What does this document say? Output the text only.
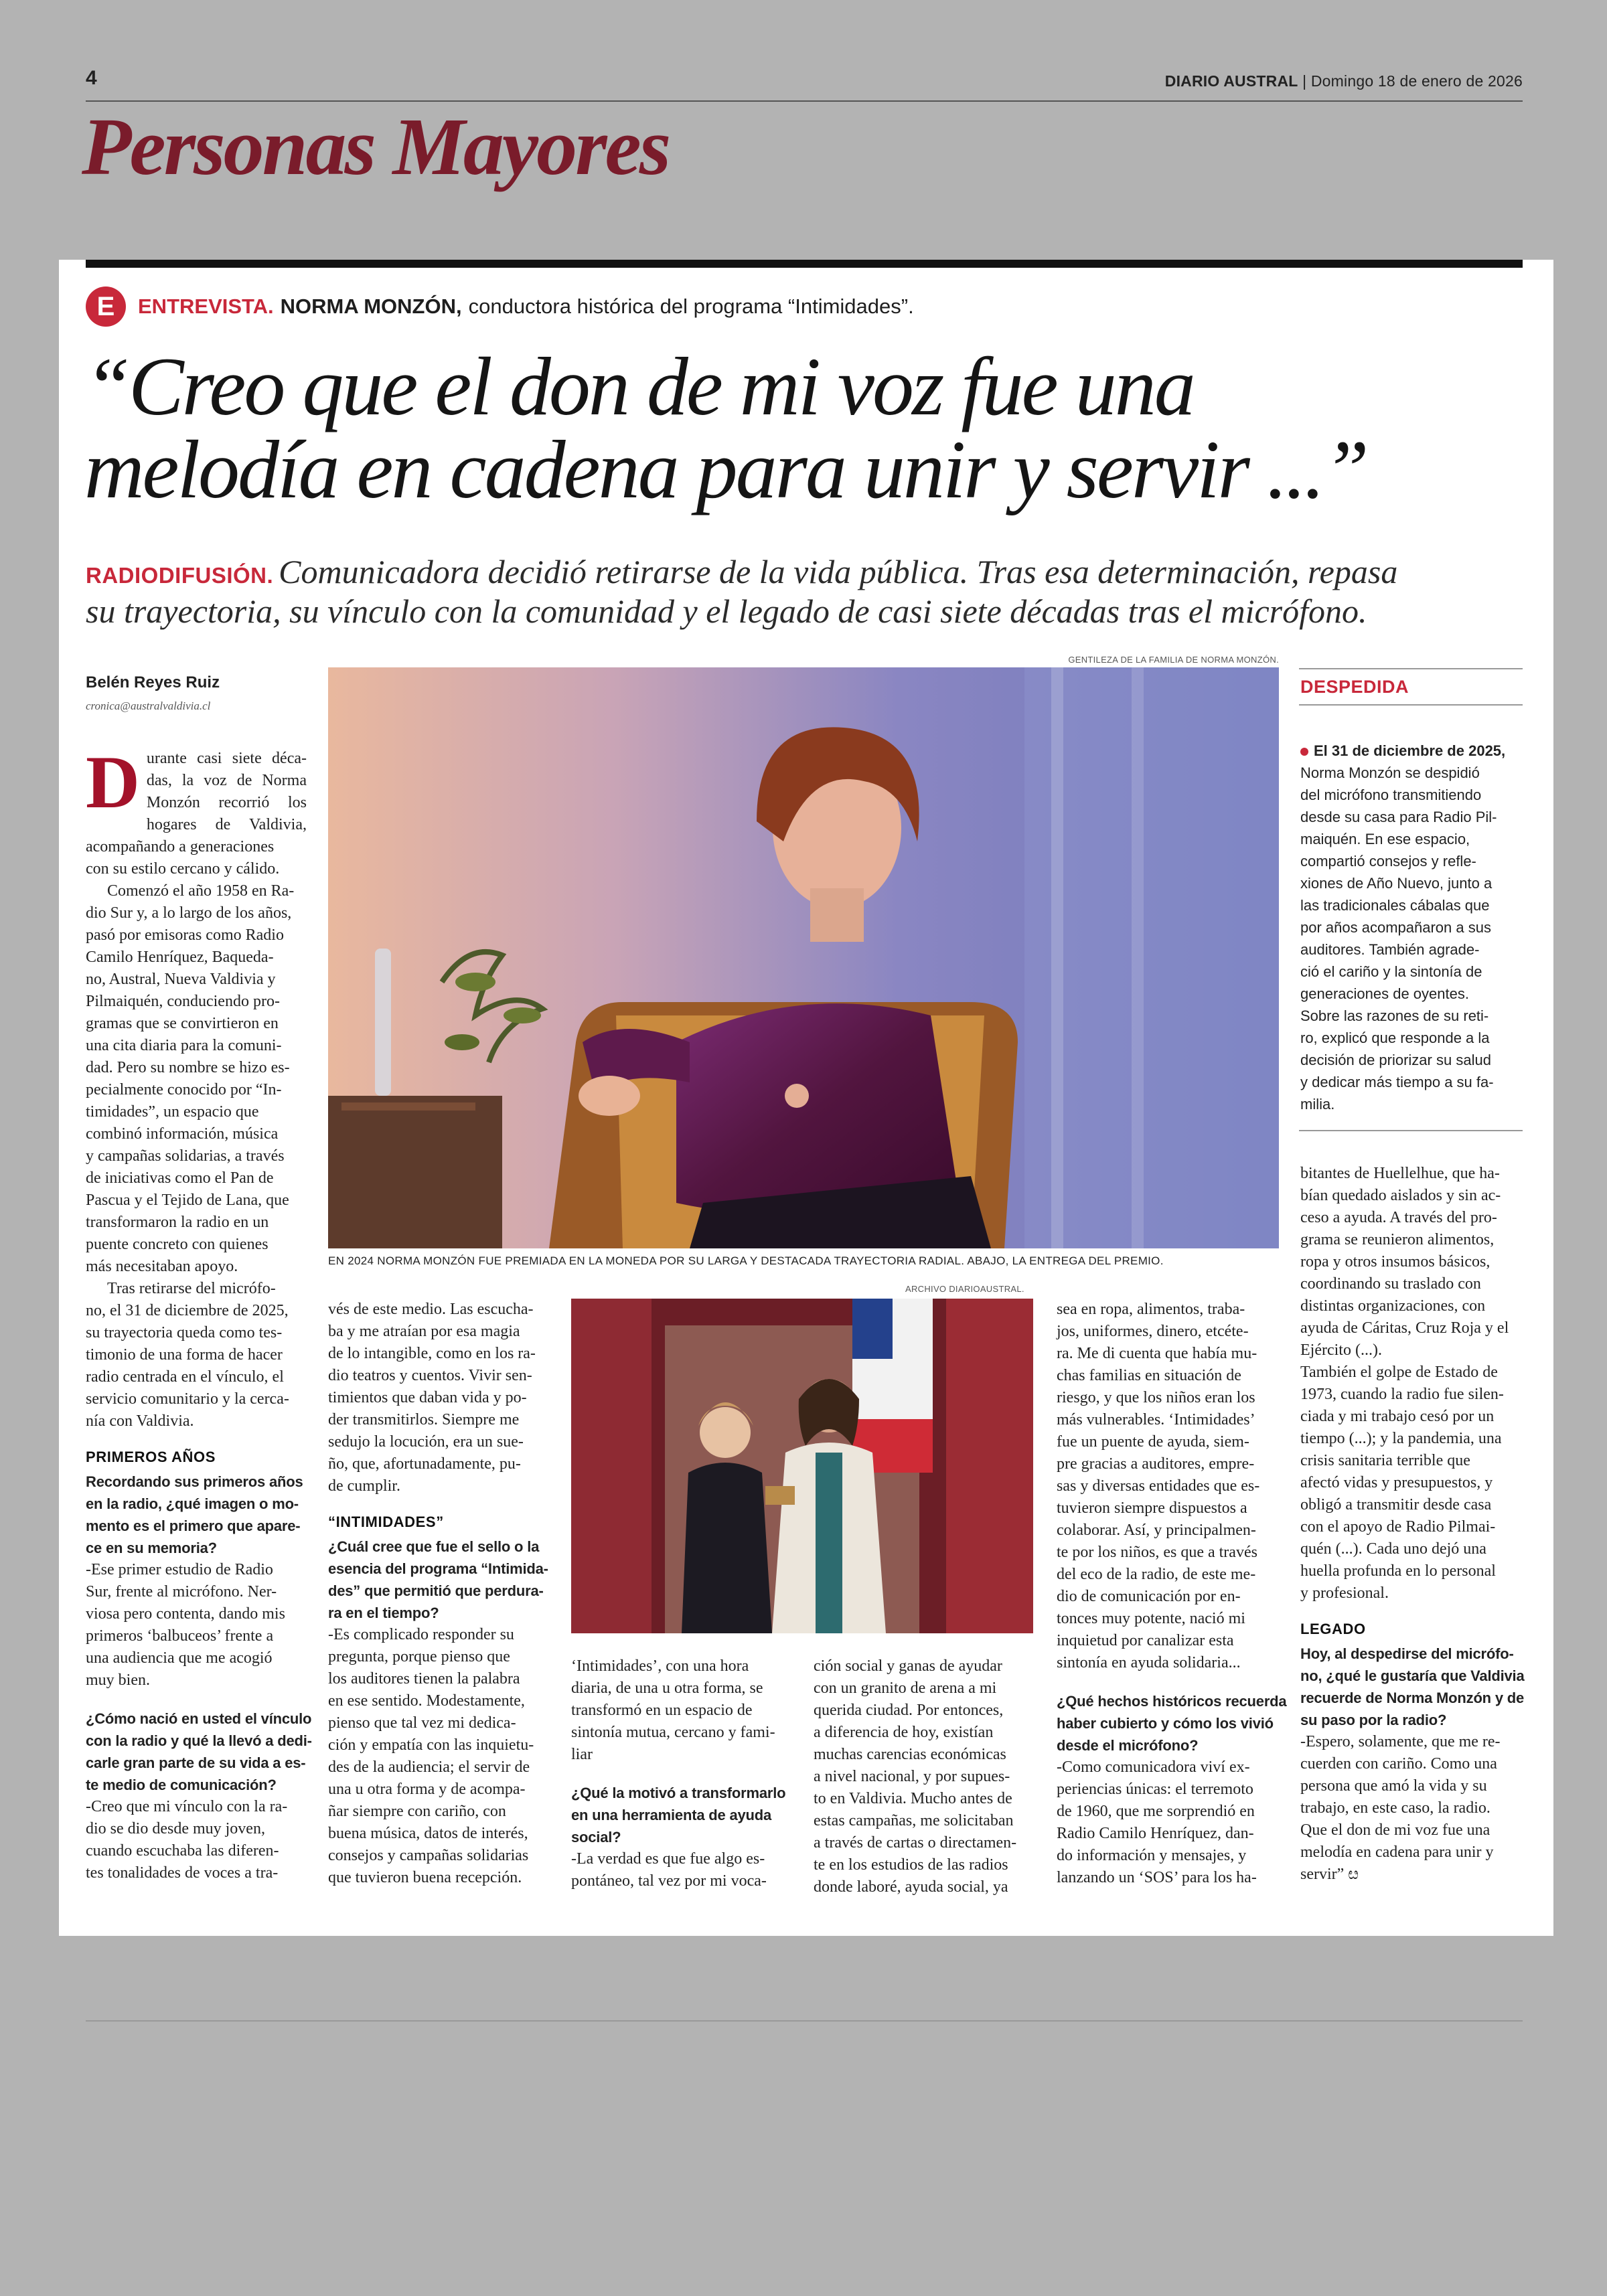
4	DIARIO AUSTRAL | Domingo 18 de enero de 2026
Personas Mayores
E	ENTREVISTA. NORMA MONZÓN, conductora histórica del programa “Intimidades”.
“Creo que el don de mi voz fue una
melodía en cadena para unir y servir ...”
RADIODIFUSIÓN. Comunicadora decidió retirarse de la vida pública. Tras esa determinación, repasa
su trayectoria, su vínculo con la comunidad y el legado de casi siete décadas tras el micrófono.
Belén Reyes Ruiz
cronica@australvaldivia.cl
GENTILEZA DE LA FAMILIA DE NORMA MONZÓN.
EN 2024 NORMA MONZÓN FUE PREMIADA EN LA MONEDA POR SU LARGA Y DESTACADA TRAYECTORIA RADIAL. ABAJO, LA ENTREGA DEL PREMIO.
ARCHIVO DIARIOAUSTRAL.

D urante casi siete déca-
das, la voz de Norma
Monzón recorrió los
hogares de Valdivia,

acompañando a generaciones
con su estilo cercano y cálido.
Comenzó el año 1958 en Ra-
dio Sur y, a lo largo de los años,
pasó por emisoras como Radio
Camilo Henríquez, Baqueda-
no, Austral, Nueva Valdivia y
Pilmaiquén, conduciendo pro-
gramas que se convirtieron en
una cita diaria para la comuni-
dad. Pero su nombre se hizo es-
pecialmente conocido por “In-
timidades”, un espacio que
combinó información, música
y campañas solidarias, a través
de iniciativas como el Pan de
Pascua y el Tejido de Lana, que
transformaron la radio en un
puente concreto con quienes
más necesitaban apoyo.
Tras retirarse del micrófo-
no, el 31 de diciembre de 2025,
su trayectoria queda como tes-
timonio de una forma de hacer
radio centrada en el vínculo, el
servicio comunitario y la cerca-
nía con Valdivia.
PRIMEROS AÑOS
Recordando sus primeros años
en la radio, ¿qué imagen o mo-
mento es el primero que apare-
ce en su memoria?
-Ese primer estudio de Radio
Sur, frente al micrófono. Ner-
viosa pero contenta, dando mis
primeros ‘balbuceos’ frente a
una audiencia que me acogió
muy bien.
¿Cómo nació en usted el vínculo
con la radio y qué la llevó a dedi-
carle gran parte de su vida a es-
te medio de comunicación?
-Creo que mi vínculo con la ra-
dio se dio desde muy joven,
cuando escuchaba las diferen-
tes tonalidades de voces a tra-
vés de este medio. Las escucha-
ba y me atraían por esa magia
de lo intangible, como en los ra-
dio teatros y cuentos. Vivir sen-
timientos que daban vida y po-
der transmitirlos. Siempre me
sedujo la locución, era un sue-
ño, que, afortunadamente, pu-
de cumplir.
“INTIMIDADES”
¿Cuál cree que fue el sello o la
esencia del programa “Intimida-
des” que permitió que perdura-
ra en el tiempo?
-Es complicado responder su
pregunta, porque pienso que
los auditores tienen la palabra
en ese sentido. Modestamente,
pienso que tal vez mi dedica-
ción y empatía con las inquietu-
des de la audiencia; el servir de
una u otra forma y de acompa-
ñar siempre con cariño, con
buena música, datos de interés,
consejos y campañas solidarias
que tuvieron buena recepción.
‘Intimidades’, con una hora
diaria, de una u otra forma, se
transformó en un espacio de
sintonía mutua, cercano y fami-
liar
¿Qué la motivó a transformarlo
en una herramienta de ayuda
social?
-La verdad es que fue algo es-
pontáneo, tal vez por mi voca-
ción social y ganas de ayudar
con un granito de arena a mi
querida ciudad. Por entonces,
a diferencia de hoy, existían
muchas carencias económicas
a nivel nacional, y por supues-
to en Valdivia. Mucho antes de
estas campañas, me solicitaban
a través de cartas o directamen-
te en los estudios de las radios
donde laboré, ayuda social, ya
sea en ropa, alimentos, traba-
jos, uniformes, dinero, etcéte-
ra. Me di cuenta que había mu-
chas familias en situación de
riesgo, y que los niños eran los
más vulnerables. ‘Intimidades’
fue un puente de ayuda, siem-
pre gracias a auditores, empre-
sas y diversas entidades que es-
tuvieron siempre dispuestos a
colaborar. Así, y principalmen-
te por los niños, es que a través
del eco de la radio, de este me-
dio de comunicación por en-
tonces muy potente, nació mi
inquietud por canalizar esta
sintonía en ayuda solidaria...
¿Qué hechos históricos recuerda
haber cubierto y cómo los vivió
desde el micrófono?
-Como comunicadora viví ex-
periencias únicas: el terremoto
de 1960, que me sorprendió en
Radio Camilo Henríquez, dan-
do información y mensajes, y
lanzando un ‘SOS’ para los ha-
DESPEDIDA
El 31 de diciembre de 2025,
Norma Monzón se despidió
del micrófono transmitiendo
desde su casa para Radio Pil-
maiquén. En ese espacio,
compartió consejos y refle-
xiones de Año Nuevo, junto a
las tradicionales cábalas que
por años acompañaron a sus
auditores. También agrade-
ció el cariño y la sintonía de
generaciones de oyentes.
Sobre las razones de su reti-
ro, explicó que responde a la
decisión de priorizar su salud
y dedicar más tiempo a su fa-
milia.
bitantes de Huellelhue, que ha-
bían quedado aislados y sin ac-
ceso a ayuda. A través del pro-
grama se reunieron alimentos,
ropa y otros insumos básicos,
coordinando su traslado con
distintas organizaciones, con
ayuda de Cáritas, Cruz Roja y el
Ejército (...).
También el golpe de Estado de
1973, cuando la radio fue silen-
ciada y mi trabajo cesó por un
tiempo (...); y la pandemia, una
crisis sanitaria terrible que
afectó vidas y presupuestos, y
obligó a transmitir desde casa
con el apoyo de Radio Pilmai-
quén (...). Cada uno dejó una
huella profunda en lo personal
y profesional.
LEGADO
Hoy, al despedirse del micrófo-
no, ¿qué le gustaría que Valdivia
recuerde de Norma Monzón y de
su paso por la radio?
-Espero, solamente, que me re-
cuerden con cariño. Como una
persona que amó la vida y su
trabajo, en este caso, la radio.
Que el don de mi voz fue una
melodía en cadena para unir y
servir” ೞ
